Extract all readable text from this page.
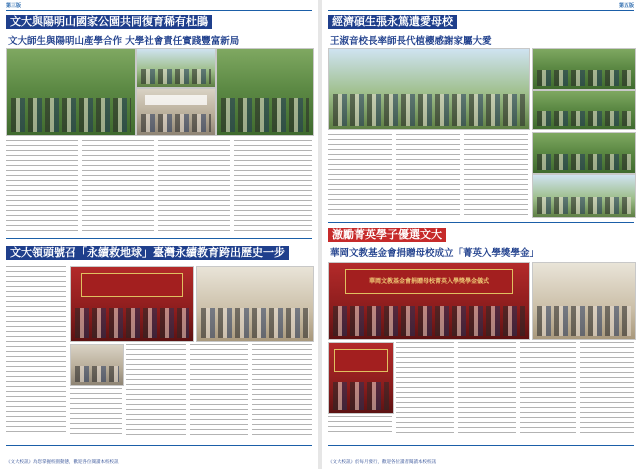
第三版
文大與陽明山國家公園共同復育稀有杜鵑
文大師生與陽明山產學合作 大學社會責任實踐豐富新局
文大領頭號召「永續救地球」臺灣永續教育跨出歷史一步
《文大校訊》為您掌握校園動態，歡迎各位閱讀本校校訊
第五版
經濟碩生張永篤遺愛母校
王淑音校長率師長代植櫻感謝家屬大愛
激勵菁英學子優選文大
華岡文教基金會捐贈母校成立「菁英入學獎學金」
華岡文教基金會捐贈母校菁英入學獎學金儀式
《文大校訊》於每月發行，歡迎各位讀者閱讀本校校訊
